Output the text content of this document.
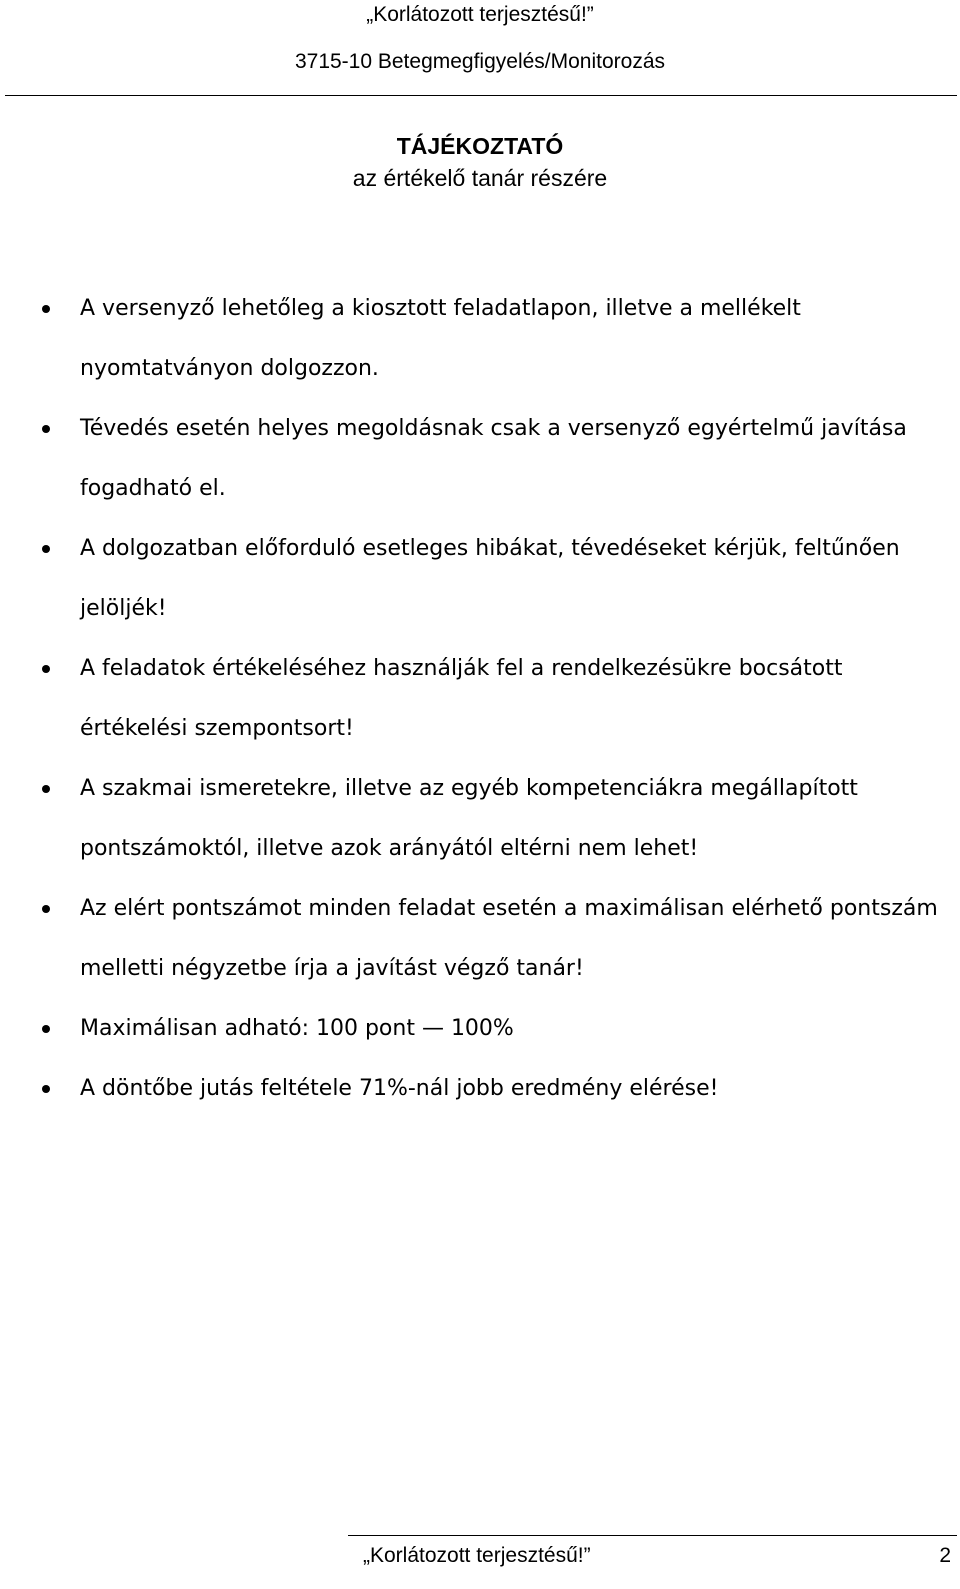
„Korlátozott terjesztésű!”
3715-10 Betegmegfigyelés/Monitorozás
TÁJÉKOZTATÓ
az értékelő tanár részére
A versenyző lehetőleg a kiosztott feladatlapon, illetve a mellékelt nyomtatványon dolgozzon.
Tévedés esetén helyes megoldásnak csak a versenyző egyértelmű javítása fogadható el.
A dolgozatban előforduló esetleges hibákat, tévedéseket kérjük, feltűnően jelöljék!
A feladatok értékeléséhez használják fel a rendelkezésükre bocsátott értékelési szempontsort!
A szakmai ismeretekre, illetve az egyéb kompetenciákra megállapított pontszámoktól, illetve azok arányától eltérni nem lehet!
Az elért pontszámot minden feladat esetén a maximálisan elérhető pontszám melletti négyzetbe írja a javítást végző tanár!
Maximálisan adható: 100 pont — 100%
A döntőbe jutás feltétele 71%-nál jobb eredmény elérése!
„Korlátozott terjesztésű!”	2
